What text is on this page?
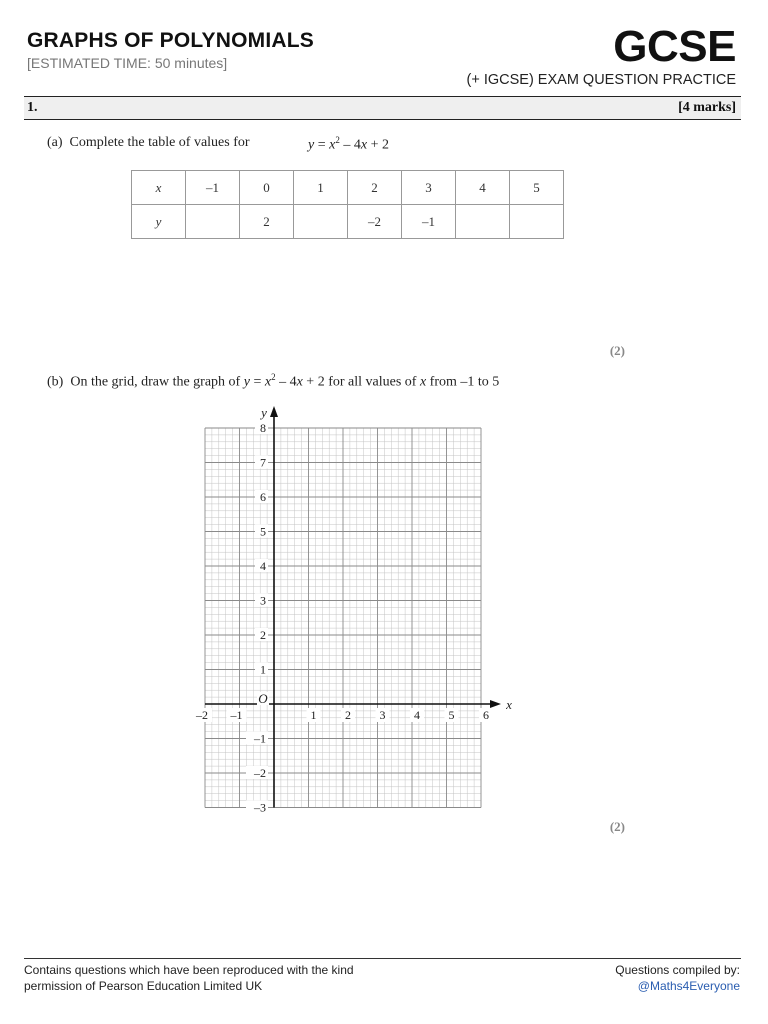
GRAPHS OF POLYNOMIALS
[ESTIMATED TIME: 50 minutes]	GCSE
(+ IGCSE) EXAM QUESTION PRACTICE
1.	[4 marks]
(a) Complete the table of values for	$y = x^2 - 4x + 2$
x	–1	0	1	2	3	4	5
y		2		–2	–1		
(2)
(b) On the grid, draw the graph of $y = x^2 - 4x + 2$ for all values of x from –1 to 5
–2 –1	1 2 3 4 5 6
–3
–2
–1
1
2
3
4
5
6
7
8
O	x
y
(2)
Contains questions which have been reproduced with the kind
permission of Pearson Education Limited UK
Questions compiled by:
@Maths4Everyone
